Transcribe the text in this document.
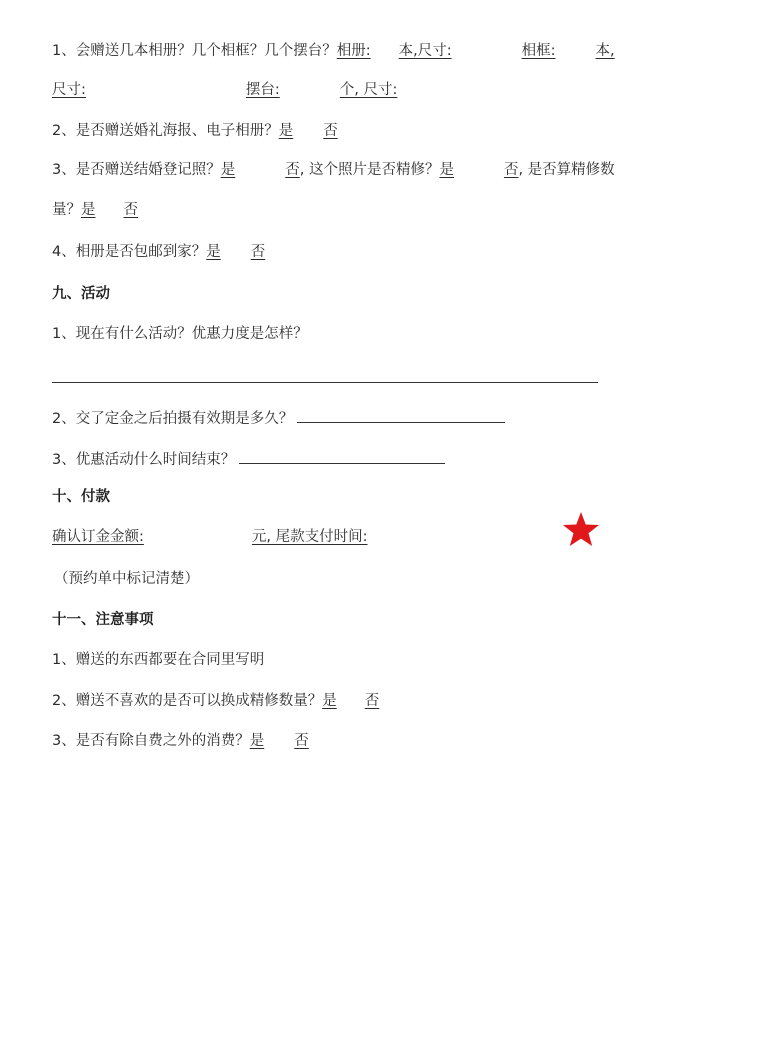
1、会赠送几本相册？几个相框？几个摆台？相册: 本,尺寸:	相框:	本,
尺寸:	摆台:	个, 尺寸:
2、是否赠送婚礼海报、电子相册？是 否
3、是否赠送结婚登记照？是	否, 这个照片是否精修？是	否, 是否算精修数
量？是 否
4、相册是否包邮到家？是 否
九、活动
1、现在有什么活动？优惠力度是怎样？
2、交了定金之后拍摄有效期是多久？
3、优惠活动什么时间结束？
十、付款
确认订金金额:	元, 尾款支付时间:
（预约单中标记清楚）
十一、注意事项
1、赠送的东西都要在合同里写明
2、赠送不喜欢的是否可以换成精修数量？是 否
3、是否有除自费之外的消费？是 否
